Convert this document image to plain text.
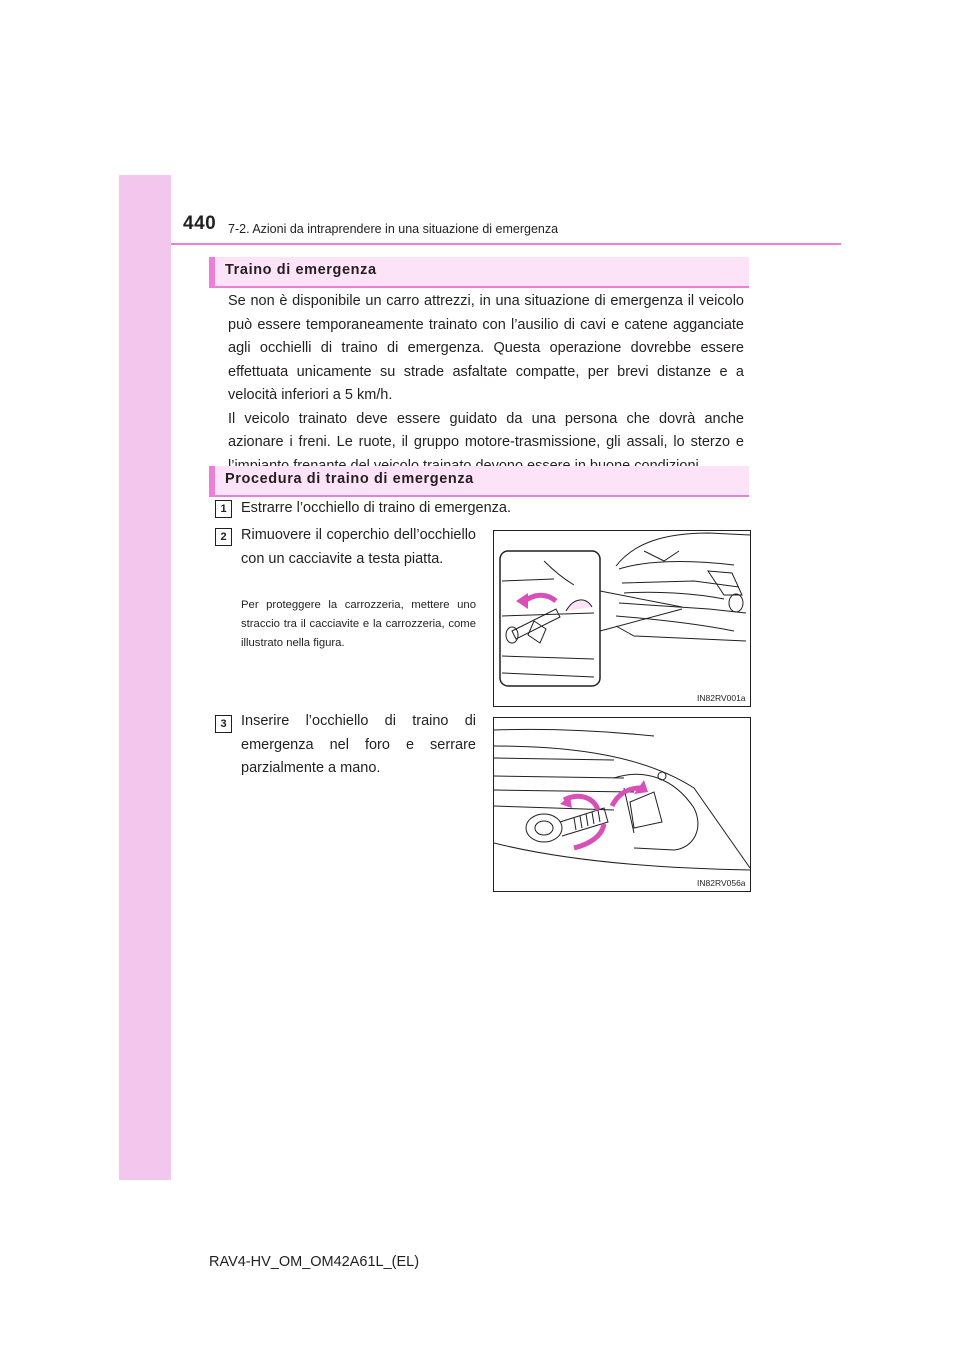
440 7-2. Azioni da intraprendere in una situazione di emergenza
Traino di emergenza

Se non è disponibile un carro attrezzi, in una situazione di emergenza il veicolo può essere temporaneamente trainato con l’ausilio di cavi e catene agganciate agli occhielli di traino di emergenza. Questa operazione dovrebbe essere effettuata unicamente su strade asfaltate compatte, per brevi distanze e a velocità inferiori a 5 km/h.

Il veicolo trainato deve essere guidato da una persona che dovrà anche azionare i freni. Le ruote, il gruppo motore-trasmissione, gli assali, lo sterzo e

Procedura di traino di emergenza
1 Estrarre l’occhiello di traino di emergenza.

2 Rimuovere il coperchio dell’occhiello con un cacciavite a testa piatta.

Per proteggere la carrozzeria, mettere uno straccio tra il cacciavite e la carrozzeria, come illustrato nella figura.

IN82RV001a
3 Inserire l’occhiello di traino di emergenza nel foro e serrare parzialmente a mano.

IN82RV056a
RAV4-HV_OM_OM42A61L_(EL)
